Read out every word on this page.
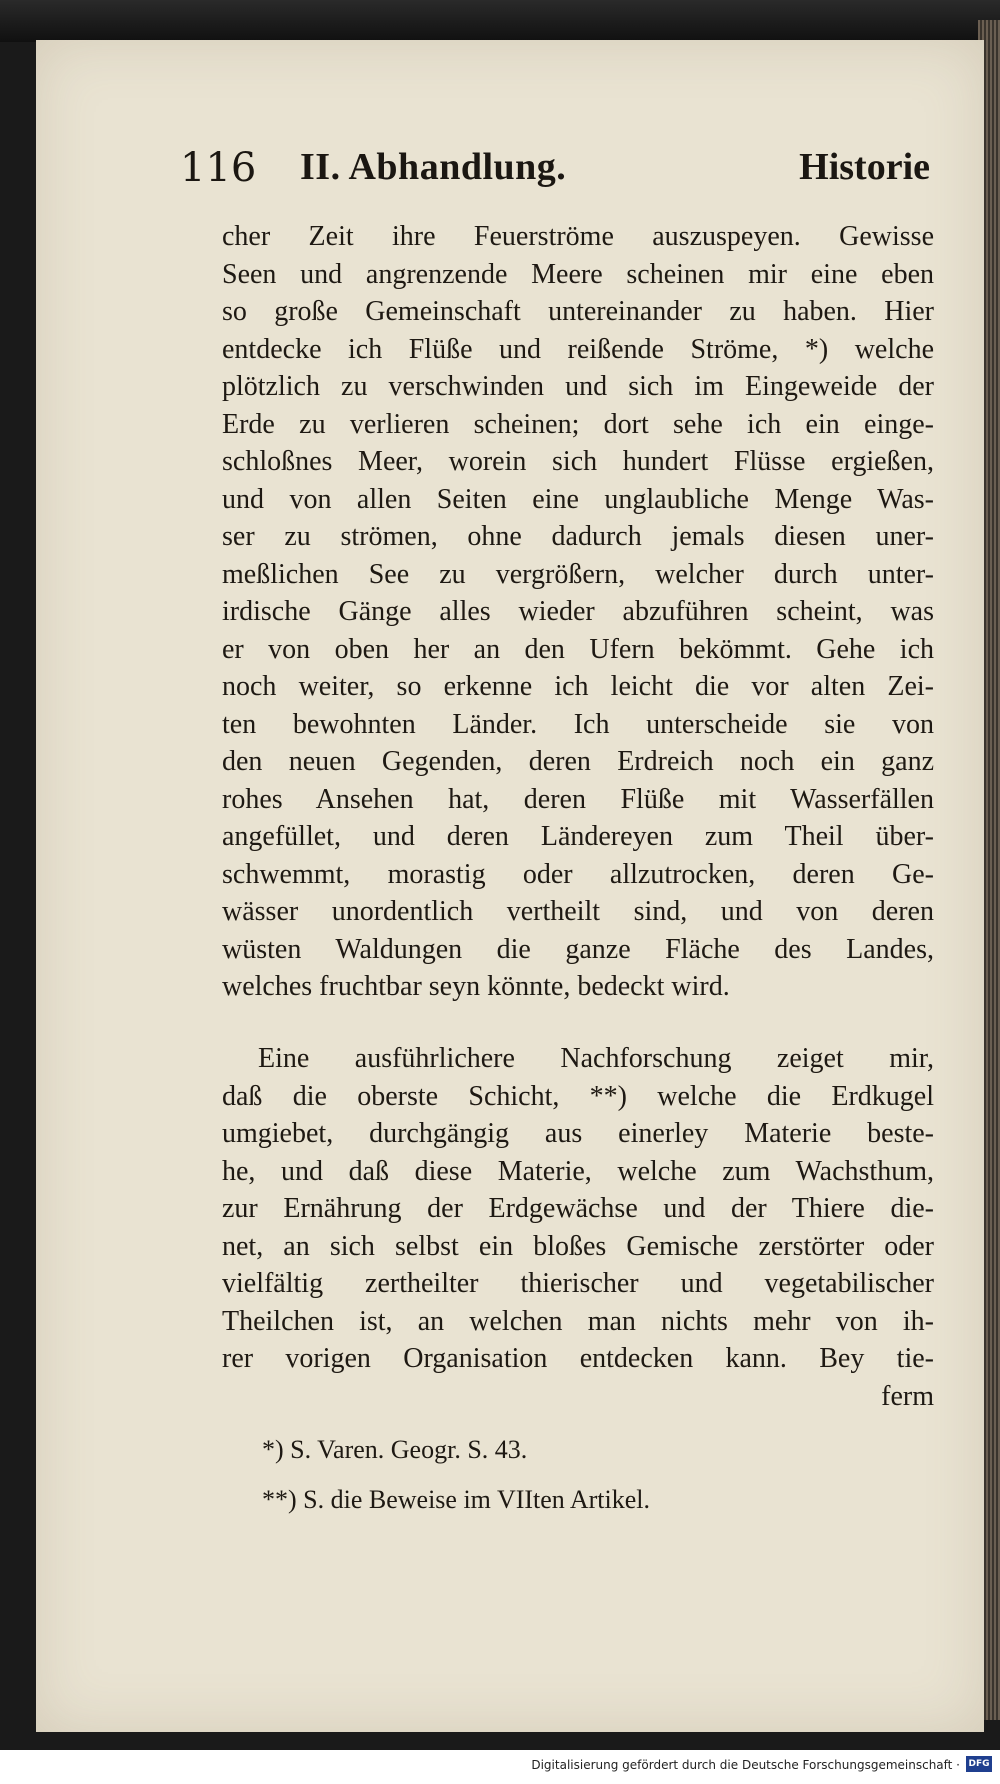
116 II. Abhandlung.	Historie
cher Zeit ihre Feuerströme auszuspeyen. Gewisse
Seen und angrenzende Meere scheinen mir eine eben
so große Gemeinschaft untereinander zu haben. Hier
entdecke ich Flüße und reißende Ströme, *) welche
plötzlich zu verschwinden und sich im Eingeweide der
Erde zu verlieren scheinen; dort sehe ich ein einge-
schloßnes Meer, worein sich hundert Flüsse ergießen,
und von allen Seiten eine unglaubliche Menge Was-
ser zu strömen, ohne dadurch jemals diesen uner-
meßlichen See zu vergrößern, welcher durch unter-
irdische Gänge alles wieder abzuführen scheint, was
er von oben her an den Ufern bekömmt. Gehe ich
noch weiter, so erkenne ich leicht die vor alten Zei-
ten bewohnten Länder. Ich unterscheide sie von
den neuen Gegenden, deren Erdreich noch ein ganz
rohes Ansehen hat, deren Flüße mit Wasserfällen
angefüllet, und deren Ländereyen zum Theil über-
schwemmt, morastig oder allzutrocken, deren Ge-
wässer unordentlich vertheilt sind, und von deren
wüsten Waldungen die ganze Fläche des Landes,
welches fruchtbar seyn könnte, bedeckt wird.
Eine ausführlichere Nachforschung zeiget mir,
daß die oberste Schicht, **) welche die Erdkugel
umgiebet, durchgängig aus einerley Materie beste-
he, und daß diese Materie, welche zum Wachsthum,
zur Ernährung der Erdgewächse und der Thiere die-
net, an sich selbst ein bloßes Gemische zerstörter oder
vielfältig zertheilter thierischer und vegetabilischer
Theilchen ist, an welchen man nichts mehr von ih-
rer vorigen Organisation entdecken kann. Bey tie-
ferm
*) S. Varen. Geogr. S. 43.
**) S. die Beweise im VIIten Artikel.
Digitalisierung gefördert durch die Deutsche Forschungsgemeinschaft · DFG
